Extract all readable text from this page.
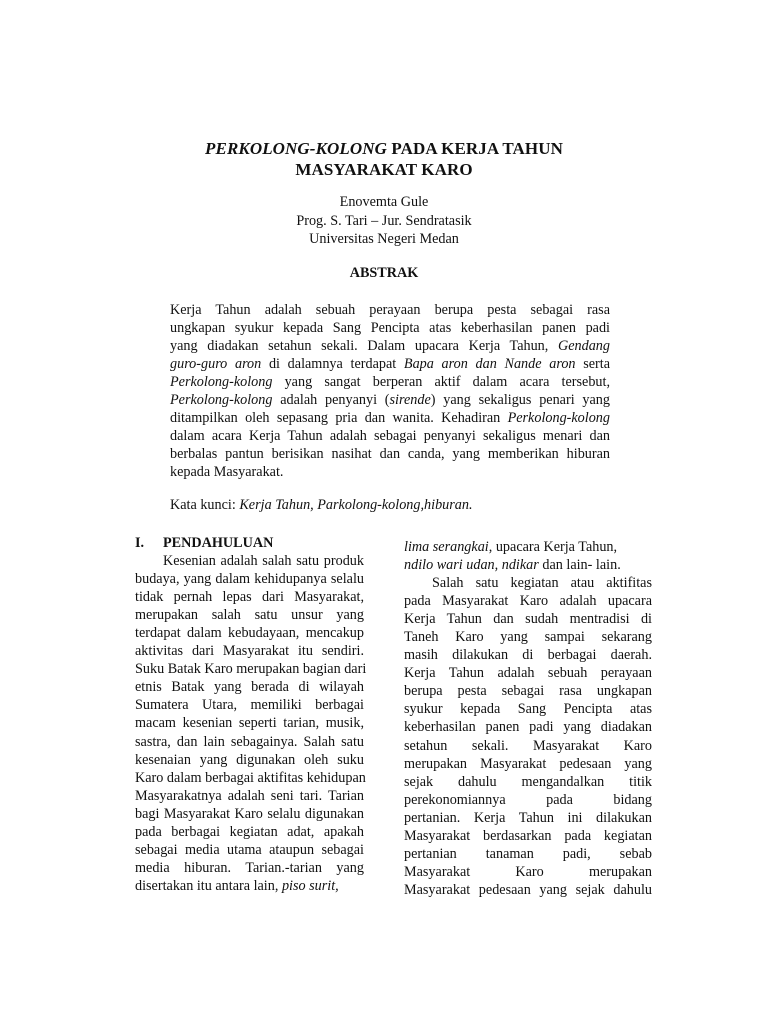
PERKOLONG-KOLONG PADA KERJA TAHUN

MASYARAKAT KARO

Enovemta Gule
Prog. S. Tari – Jur. Sendratasik
Universitas Negeri Medan
ABSTRAK
Kerja Tahun adalah sebuah perayaan berupa pesta sebagai rasa
ungkapan syukur kepada Sang Pencipta atas keberhasilan panen padi
yang diadakan setahun sekali. Dalam upacara Kerja Tahun, Gendang
guro-guro aron di dalamnya terdapat Bapa aron dan Nande aron serta
Perkolong-kolong yang sangat berperan aktif dalam acara tersebut,
Perkolong-kolong adalah penyanyi (sirende) yang sekaligus penari yang
ditampilkan oleh sepasang pria dan wanita. Kehadiran Perkolong-kolong
dalam acara Kerja Tahun adalah sebagai penyanyi sekaligus menari dan
berbalas pantun berisikan nasihat dan canda, yang memberikan hiburan
kepada Masyarakat.
Kata kunci: Kerja Tahun, Parkolong-kolong,hiburan.
I. PENDAHULUAN
Kesenian adalah salah satu produk
budaya, yang dalam kehidupanya selalu
tidak pernah lepas dari Masyarakat,
merupakan salah satu unsur yang
terdapat dalam kebudayaan, mencakup
aktivitas dari Masyarakat itu sendiri.
Suku Batak Karo merupakan bagian dari
etnis Batak yang berada di wilayah
Sumatera Utara, memiliki berbagai
macam kesenian seperti tarian, musik,
sastra, dan lain sebagainya. Salah satu
kesenaian yang digunakan oleh suku
Karo dalam berbagai aktifitas kehidupan
Masyarakatnya adalah seni tari. Tarian
bagi Masyarakat Karo selalu digunakan
pada berbagai kegiatan adat, apakah
sebagai media utama ataupun sebagai
media hiburan. Tarian.-tarian yang
disertakan itu antara lain, piso surit,
lima serangkai, upacara Kerja Tahun,
ndilo wari udan, ndikar dan lain- lain.
Salah satu kegiatan atau aktifitas
pada Masyarakat Karo adalah upacara
Kerja Tahun dan sudah mentradisi di
Taneh Karo yang sampai sekarang
masih dilakukan di berbagai daerah.
Kerja Tahun adalah sebuah perayaan
berupa pesta sebagai rasa ungkapan
syukur kepada Sang Pencipta atas
keberhasilan panen padi yang diadakan
setahun sekali. Masyarakat Karo
merupakan Masyarakat pedesaan yang
sejak dahulu mengandalkan titik
perekonomiannya pada bidang
pertanian. Kerja Tahun ini dilakukan
Masyarakat berdasarkan pada kegiatan
pertanian tanaman padi, sebab
Masyarakat Karo merupakan
Masyarakat pedesaan yang sejak dahulu
